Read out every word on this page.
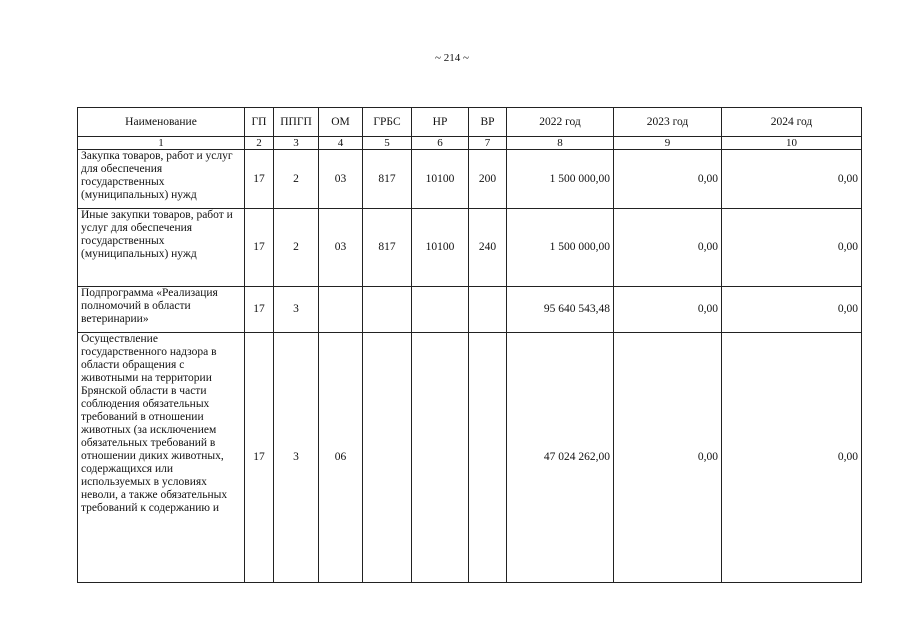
~ 214 ~
Наименование	ГП	ППГП	ОМ	ГРБС	НР	ВР	2022 год	2023 год	2024 год
1	2	3	4	5	6	7	8	9	10
Закупка товаров, работ и услуг для обеспечения государственных (муниципальных) нужд	17	2	03	817	10100	200	1 500 000,00	0,00	0,00
Иные закупки товаров, работ и услуг для обеспечения государственных (муниципальных) нужд	17	2	03	817	10100	240	1 500 000,00	0,00	0,00
Подпрограмма «Реализация полномочий в области ветеринарии»	17	3					95 640 543,48	0,00	0,00
Осуществление государственного надзора в области обращения с животными на территории Брянской области в части соблюдения обязательных требований в отношении животных (за исключением обязательных требований в отношении диких животных, содержащихся или используемых в условиях неволи, а также обязательных требований к содержанию и	17	3	06				47 024 262,00	0,00	0,00
